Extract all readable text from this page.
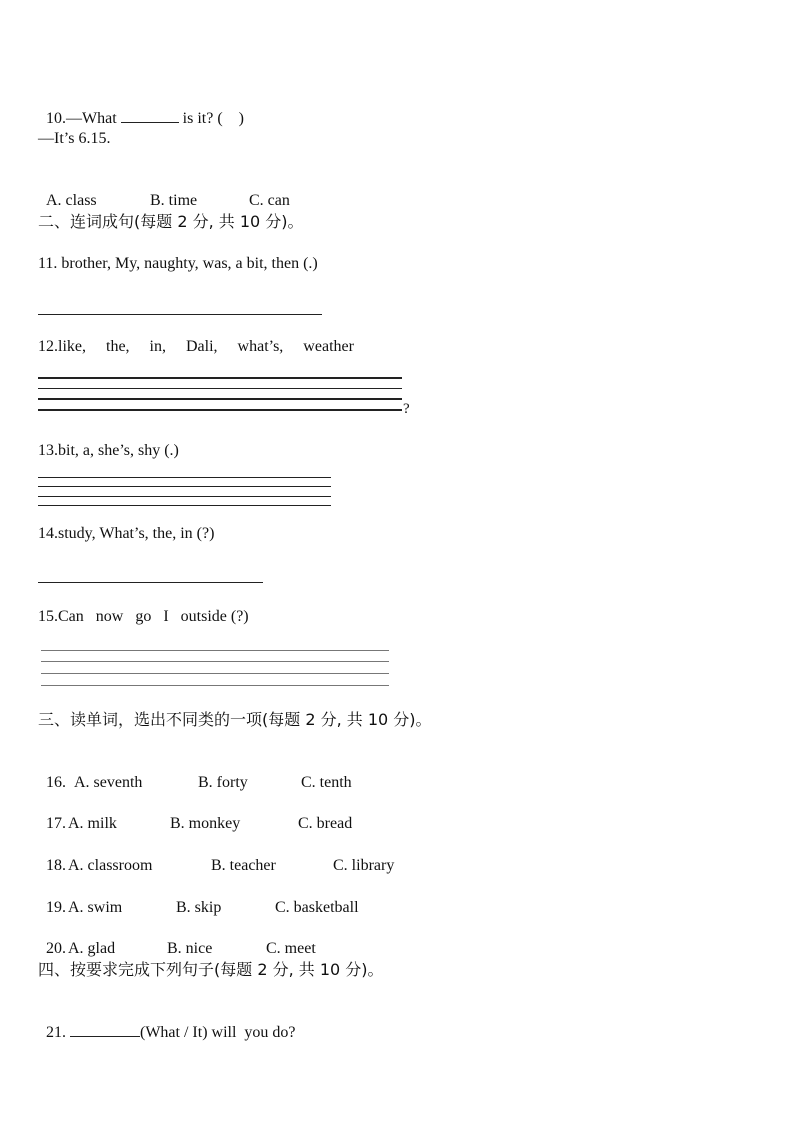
10.—What	is it? (    )

—It’s 6.15.

A. class	B. time	C. can

二、连词成句(每题 2 分, 共 10 分)。
11. brother, My, naughty, was, a bit, then (.)
12.like,     the,     in,     Dali,     what’s,     weather
?
13.bit, a, she’s, shy (.)
14.study, What’s, the, in (?)
15.Can   now   go   I   outside (?)
三、读单词，选出不同类的一项(每题 2 分, 共 10 分)。

16. A. seventh	B. forty	C. tenth

17. A. milk	B. monkey	C. bread

18. A. classroom	B. teacher	C. library

19. A. swim	B. skip	C. basketball

20. A. glad	B. nice	C. meet

四、按要求完成下列句子(每题 2 分, 共 10 分)。

21.	(What / It) will  you do?
